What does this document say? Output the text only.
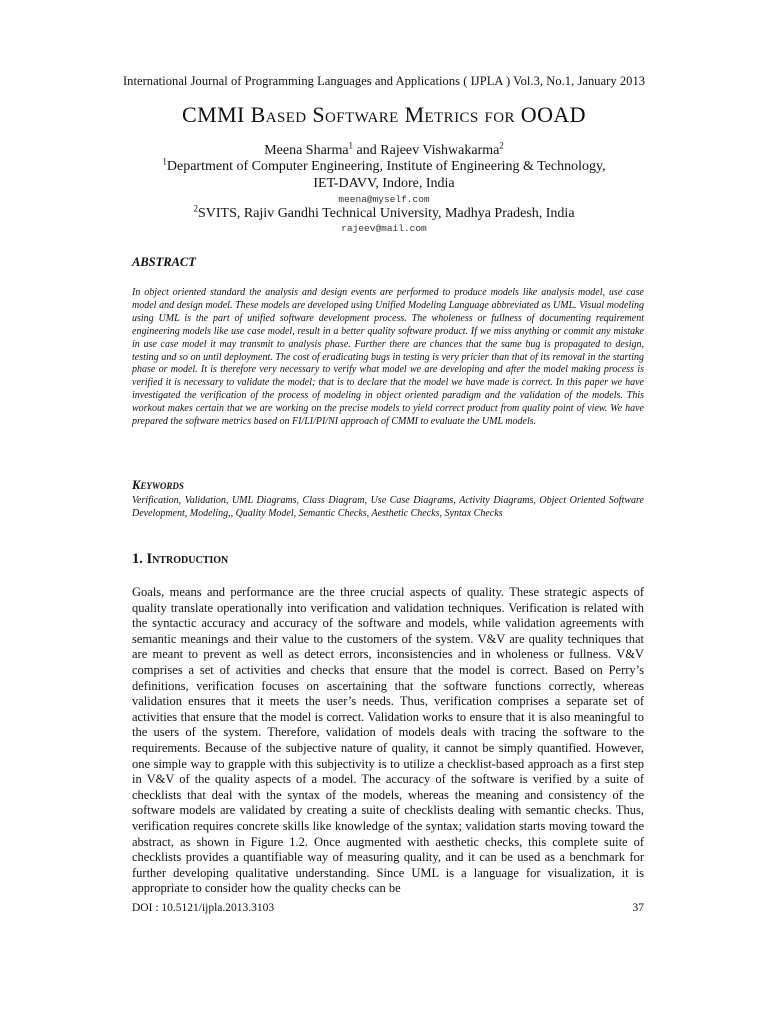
International Journal of Programming Languages and Applications ( IJPLA ) Vol.3, No.1, January 2013
CMMI Based Software Metrics for OOAD
Meena Sharma$^1$ and Rajeev Vishwakarma$^2$
$^1$Department of Computer Engineering, Institute of Engineering & Technology,
IET-DAVV, Indore, India
meena@myself.com
$^2$SVITS, Rajiv Gandhi Technical University, Madhya Pradesh, India
rajeev@mail.com
ABSTRACT

In object oriented standard the analysis and design events are performed to produce models like analysis model, use case model and design model. These models are developed using Unified Modeling Language abbreviated as UML. Visual modeling using UML is the part of unified software development process. The wholeness or fullness of documenting requirement engineering models like use case model, result in a better quality software product. If we miss anything or commit any mistake in use case model it may transmit to analysis phase. Further there are chances that the same bug is propagated to design, testing and so on until deployment. The cost of eradicating bugs in testing is very pricier than that of its removal in the starting phase or model. It is therefore very necessary to verify what model we are developing and after the model making process is verified it is necessary to validate the model; that is to declare that the model we have made is correct. In this paper we have investigated the verification of the process of modeling in object oriented paradigm and the validation of the models. This workout makes certain that we are working on the precise models to yield correct product from quality point of view. We have prepared the software metrics based on FI/LI/PI/NI approach of CMMI to evaluate the UML models.

Keywords

Verification, Validation, UML Diagrams, Class Diagram, Use Case Diagrams, Activity Diagrams, Object Oriented Software Development, Modeling,, Quality Model, Semantic Checks, Aesthetic Checks, Syntax Checks

1. Introduction

Goals, means and performance are the three crucial aspects of quality. These strategic aspects of quality translate operationally into verification and validation techniques. Verification is related with the syntactic accuracy and accuracy of the software and models, while validation agreements with semantic meanings and their value to the customers of the system. V&V are quality techniques that are meant to prevent as well as detect errors, inconsistencies and in wholeness or fullness. V&V comprises a set of activities and checks that ensure that the model is correct. Based on Perry’s definitions, verification focuses on ascertaining that the software functions correctly, whereas validation ensures that it meets the user’s needs. Thus, verification comprises a separate set of activities that ensure that the model is correct. Validation works to ensure that it is also meaningful to the users of the system. Therefore, validation of models deals with tracing the software to the requirements. Because of the subjective nature of quality, it cannot be simply quantified. However, one simple way to grapple with this subjectivity is to utilize a checklist-based approach as a first step in V&V of the quality aspects of a model. The accuracy of the software is verified by a suite of checklists that deal with the syntax of the models, whereas the meaning and consistency of the software models are validated by creating a suite of checklists dealing with semantic checks. Thus, verification requires concrete skills like knowledge of the syntax; validation starts moving toward the abstract, as shown in Figure 1.2. Once augmented with aesthetic checks, this complete suite of checklists provides a quantifiable way of measuring quality, and it can be used as a benchmark for further developing qualitative understanding. Since UML is a language for visualization, it is appropriate to consider how the quality checks can be

DOI : 10.5121/ijpla.2013.3103	37
